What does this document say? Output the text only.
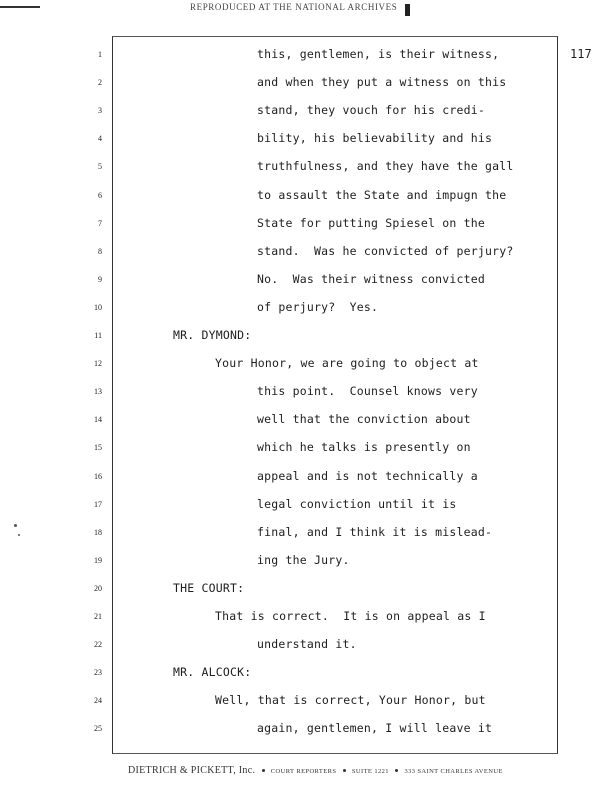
REPRODUCED AT THE NATIONAL ARCHIVES
117
1	this, gentlemen, is their witness,
2	and when they put a witness on this
3	stand, they vouch for his credi-
4	bility, his believability and his
5	truthfulness, and they have the gall
6	to assault the State and impugn the
7	State for putting Spiesel on the
8	stand.  Was he convicted of perjury?
9	No.  Was their witness convicted
10	of perjury?  Yes.
11	MR. DYMOND:
12	Your Honor, we are going to object at
13	this point.  Counsel knows very
14	well that the conviction about
15	which he talks is presently on
16	appeal and is not technically a
17	legal conviction until it is
18	final, and I think it is mislead-
19	ing the Jury.
20	THE COURT:
21	That is correct.  It is on appeal as I
22	understand it.
23	MR. ALCOCK:
24	Well, that is correct, Your Honor, but
25	again, gentlemen, I will leave it
DIETRICH & PICKETT, Inc. COURT REPORTERS SUITE 1221 333 SAINT CHARLES AVENUE
